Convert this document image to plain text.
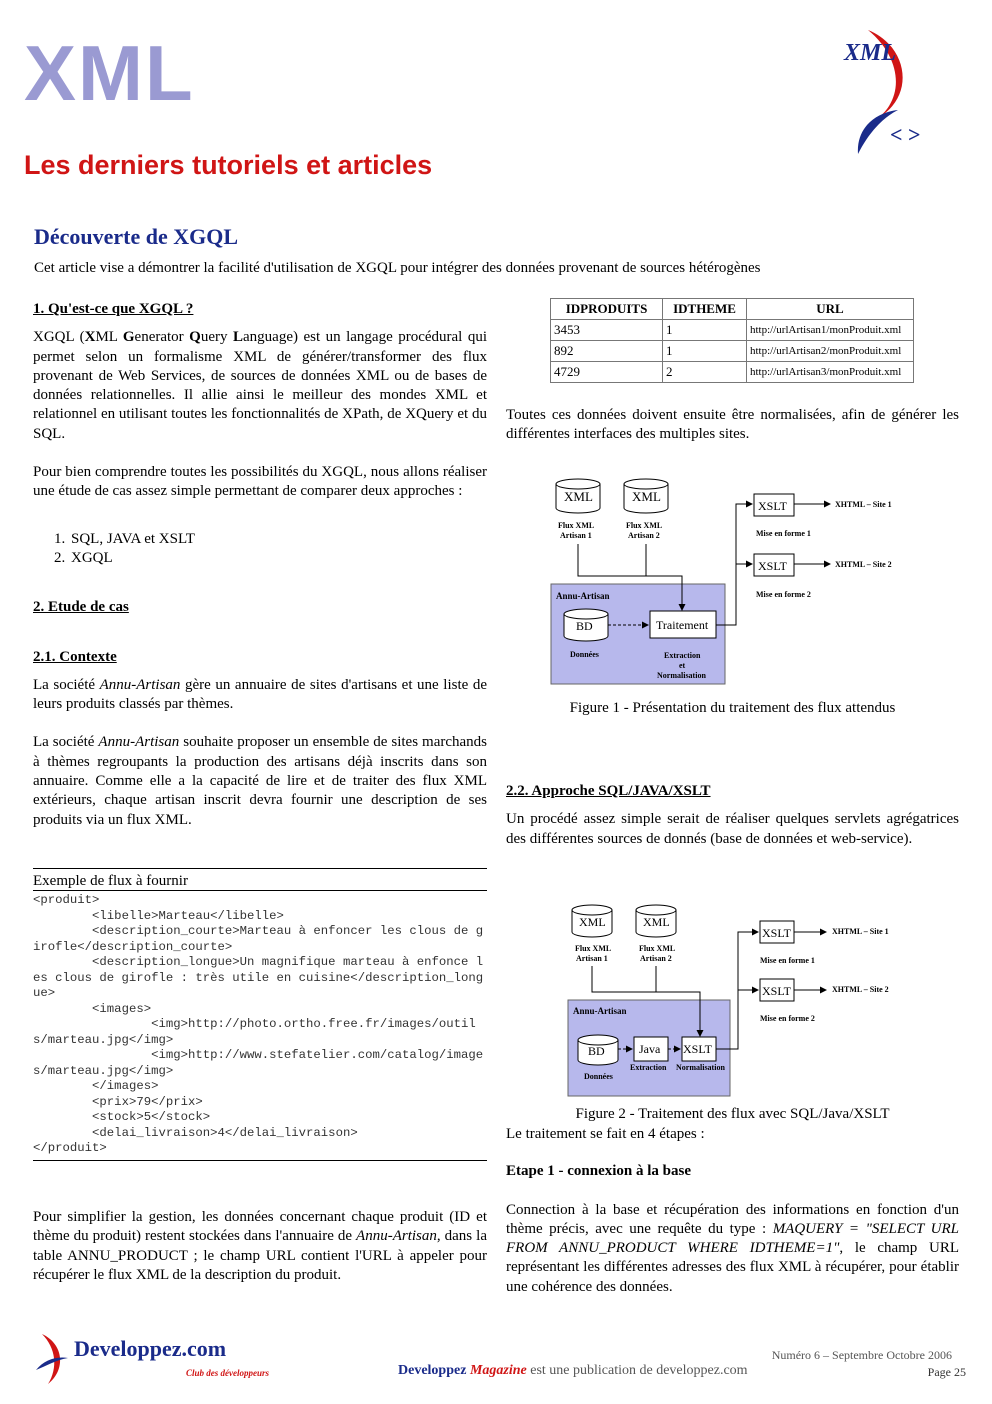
XML
Les derniers tutoriels et articles
XML
< >
Découverte de XGQL
Cet article vise a démontrer la facilité d'utilisation de XGQL pour intégrer des données provenant de sources hétérogènes

1. Qu'est-ce que XGQL ?

XGQL (XML Generator Query Language) est un langage procédural qui permet selon un formalisme XML de générer/transformer des flux provenant de Web Services, de sources de données XML ou de bases de données relationnelles. Il allie ainsi le meilleur des mondes XML et relationnel en utilisant toutes les fonctionnalités de XPath, de XQuery et du SQL.

Pour bien comprendre toutes les possibilités du XGQL, nous allons réaliser une étude de cas assez simple permettant de comparer deux approches :

1. SQL, JAVA et XSLT
2. XGQL

2. Etude de cas

2.1. Contexte

La société Annu-Artisan gère un annuaire de sites d'artisans et une liste de leurs produits classés par thèmes.

La société Annu-Artisan souhaite proposer un ensemble de sites marchands à thèmes regroupants la production des artisans déjà inscrits dans son annuaire. Comme elle a la capacité de lire et de traiter des flux XML extérieurs, chaque artisan inscrit devra fournir une description de ses produits via un flux XML.

Exemple de flux à fournir
<produit>
<libelle>Marteau</libelle>
<description_courte>Marteau à enfoncer les clous de girofle</description_courte>
<description_longue>Un magnifique marteau à enfonce les clous de girofle : très utile en cuisine</description_longue>
<images>
<img>http://photo.ortho.free.fr/images/outils/marteau.jpg</img>
<img>http://www.stefatelier.com/catalog/images/marteau.jpg</img>
</images>
<prix>79</prix>
<stock>5</stock>
<delai_livraison>4</delai_livraison>
</produit>

Pour simplifier la gestion, les données concernant chaque produit (ID et thème du produit) restent stockées dans l'annuaire de Annu-Artisan, dans la table ANNU_PRODUCT ; le champ URL contient l'URL à appeler pour récupérer le flux XML de la description du produit.

IDPRODUITS	IDTHEME	URL
3453	1	http://urlArtisan1/monProduit.xml
892	1	http://urlArtisan2/monProduit.xml
4729	2	http://urlArtisan3/monProduit.xml
Toutes ces données doivent ensuite être normalisées, afin de générer les différentes interfaces des multiples sites.
Annu-Artisan
XML
Flux XML
Artisan 1
XML
Flux XML
Artisan 2
BD
Données
Traitement
Extraction
et
Normalisation
XSLT
Mise en forme 1
XSLT
Mise en forme 2
XHTML – Site 1
XHTML – Site 2
Figure 1 - Présentation du traitement des flux attendus

2.2. Approche SQL/JAVA/XSLT

Un procédé assez simple serait de réaliser quelques servlets agrégatrices des différentes sources de donnés (base de données et web-service).

Annu-Artisan
XML
Flux XML
Artisan 1
XML
Flux XML
Artisan 2
BD
Données
Java XSLT
Extraction Normalisation
XSLT
Mise en forme 1
XSLT
Mise en forme 2
XHTML – Site 1
XHTML – Site 2
Figure 2 - Traitement des flux avec SQL/Java/XSLT

Le traitement se fait en 4 étapes :

Etape 1 - connexion à la base

Connection à la base et récupération des informations en fonction d'un thème précis, avec une requête du type : MAQUERY = "SELECT URL FROM ANNU_PRODUCT WHERE IDTHEME=1", le champ URL représentant les différentes adresses des flux XML à récupérer, pour établir une cohérence des données.

Developpez.com
Club des développeurs
Numéro 6 – Septembre Octobre 2006
Developpez Magazine est une publication de developpez.com	Page 25
